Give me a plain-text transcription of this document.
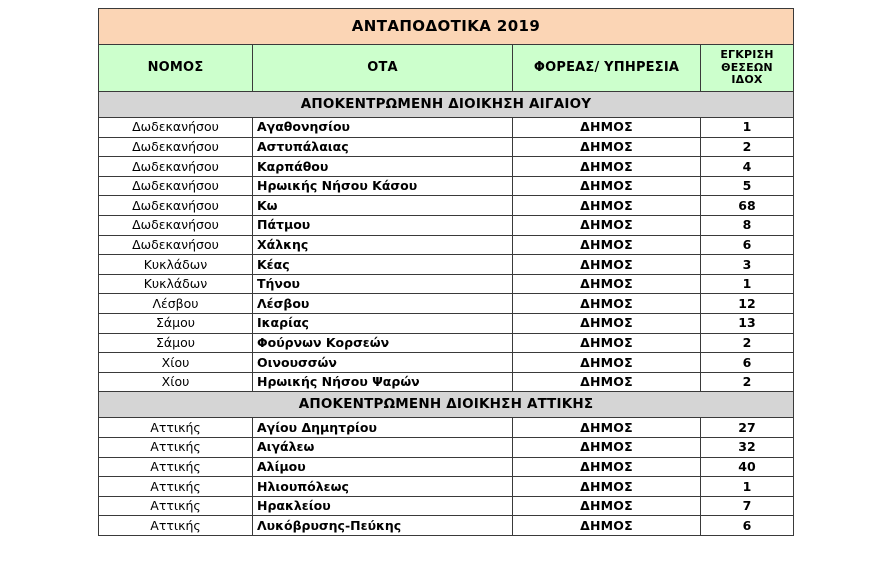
ΑΝΤΑΠΟΔΟΤΙΚΑ 2019			
ΝΟΜΟΣ	ΟΤΑ	ΦΟΡΕΑΣ/ ΥΠΗΡΕΣΙΑ	ΕΓΚΡΙΣΗ
ΘΕΣΕΩΝ
ΙΔΟΧ
ΑΠΟΚΕΝΤΡΩΜΕΝΗ ΔΙΟΙΚΗΣΗ ΑΙΓΑΙΟΥ			
Δωδεκανήσου	Αγαθονησίου	ΔΗΜΟΣ	1
Δωδεκανήσου	Αστυπάλαιας	ΔΗΜΟΣ	2
Δωδεκανήσου	Καρπάθου	ΔΗΜΟΣ	4
Δωδεκανήσου	Ηρωικής Νήσου Κάσου	ΔΗΜΟΣ	5
Δωδεκανήσου	Κω	ΔΗΜΟΣ	68
Δωδεκανήσου	Πάτμου	ΔΗΜΟΣ	8
Δωδεκανήσου	Χάλκης	ΔΗΜΟΣ	6
Κυκλάδων	Κέας	ΔΗΜΟΣ	3
Κυκλάδων	Τήνου	ΔΗΜΟΣ	1
Λέσβου	Λέσβου	ΔΗΜΟΣ	12
Σάμου	Ικαρίας	ΔΗΜΟΣ	13
Σάμου	Φούρνων Κορσεών	ΔΗΜΟΣ	2
Χίου	Οινουσσών	ΔΗΜΟΣ	6
Χίου	Ηρωικής Νήσου Ψαρών	ΔΗΜΟΣ	2
ΑΠΟΚΕΝΤΡΩΜΕΝΗ ΔΙΟΙΚΗΣΗ ΑΤΤΙΚΗΣ			
Αττικής	Αγίου Δημητρίου	ΔΗΜΟΣ	27
Αττικής	Αιγάλεω	ΔΗΜΟΣ	32
Αττικής	Αλίμου	ΔΗΜΟΣ	40
Αττικής	Ηλιουπόλεως	ΔΗΜΟΣ	1
Αττικής	Ηρακλείου	ΔΗΜΟΣ	7
Αττικής	Λυκόβρυσης-Πεύκης	ΔΗΜΟΣ	6
